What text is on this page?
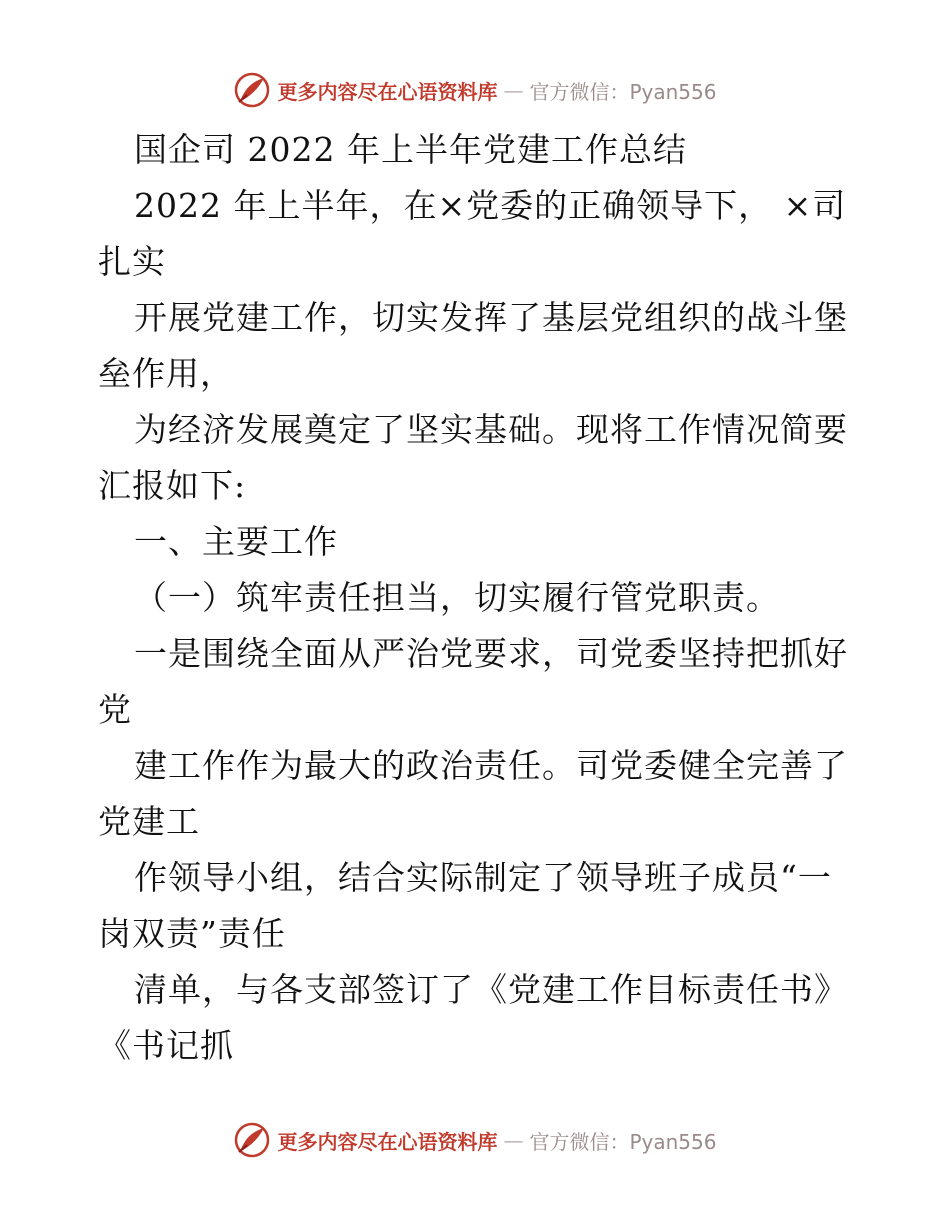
更多内容尽在心语资料库 — 官方微信：Pyan556
国企司 2022 年上半年党建工作总结
2022 年上半年，在×党委的正确领导下， ×司
扎实
开展党建工作，切实发挥了基层党组织的战斗堡
垒作用，
为经济发展奠定了坚实基础。现将工作情况简要
汇报如下:
一、主要工作
（一）筑牢责任担当，切实履行管党职责。
一是围绕全面从严治党要求，司党委坚持把抓好
党
建工作作为最大的政治责任。司党委健全完善了
党建工
作领导小组，结合实际制定了领导班子成员“一
岗双责”责任
清单，与各支部签订了《党建工作目标责任书》
《书记抓
更多内容尽在心语资料库 — 官方微信：Pyan556
